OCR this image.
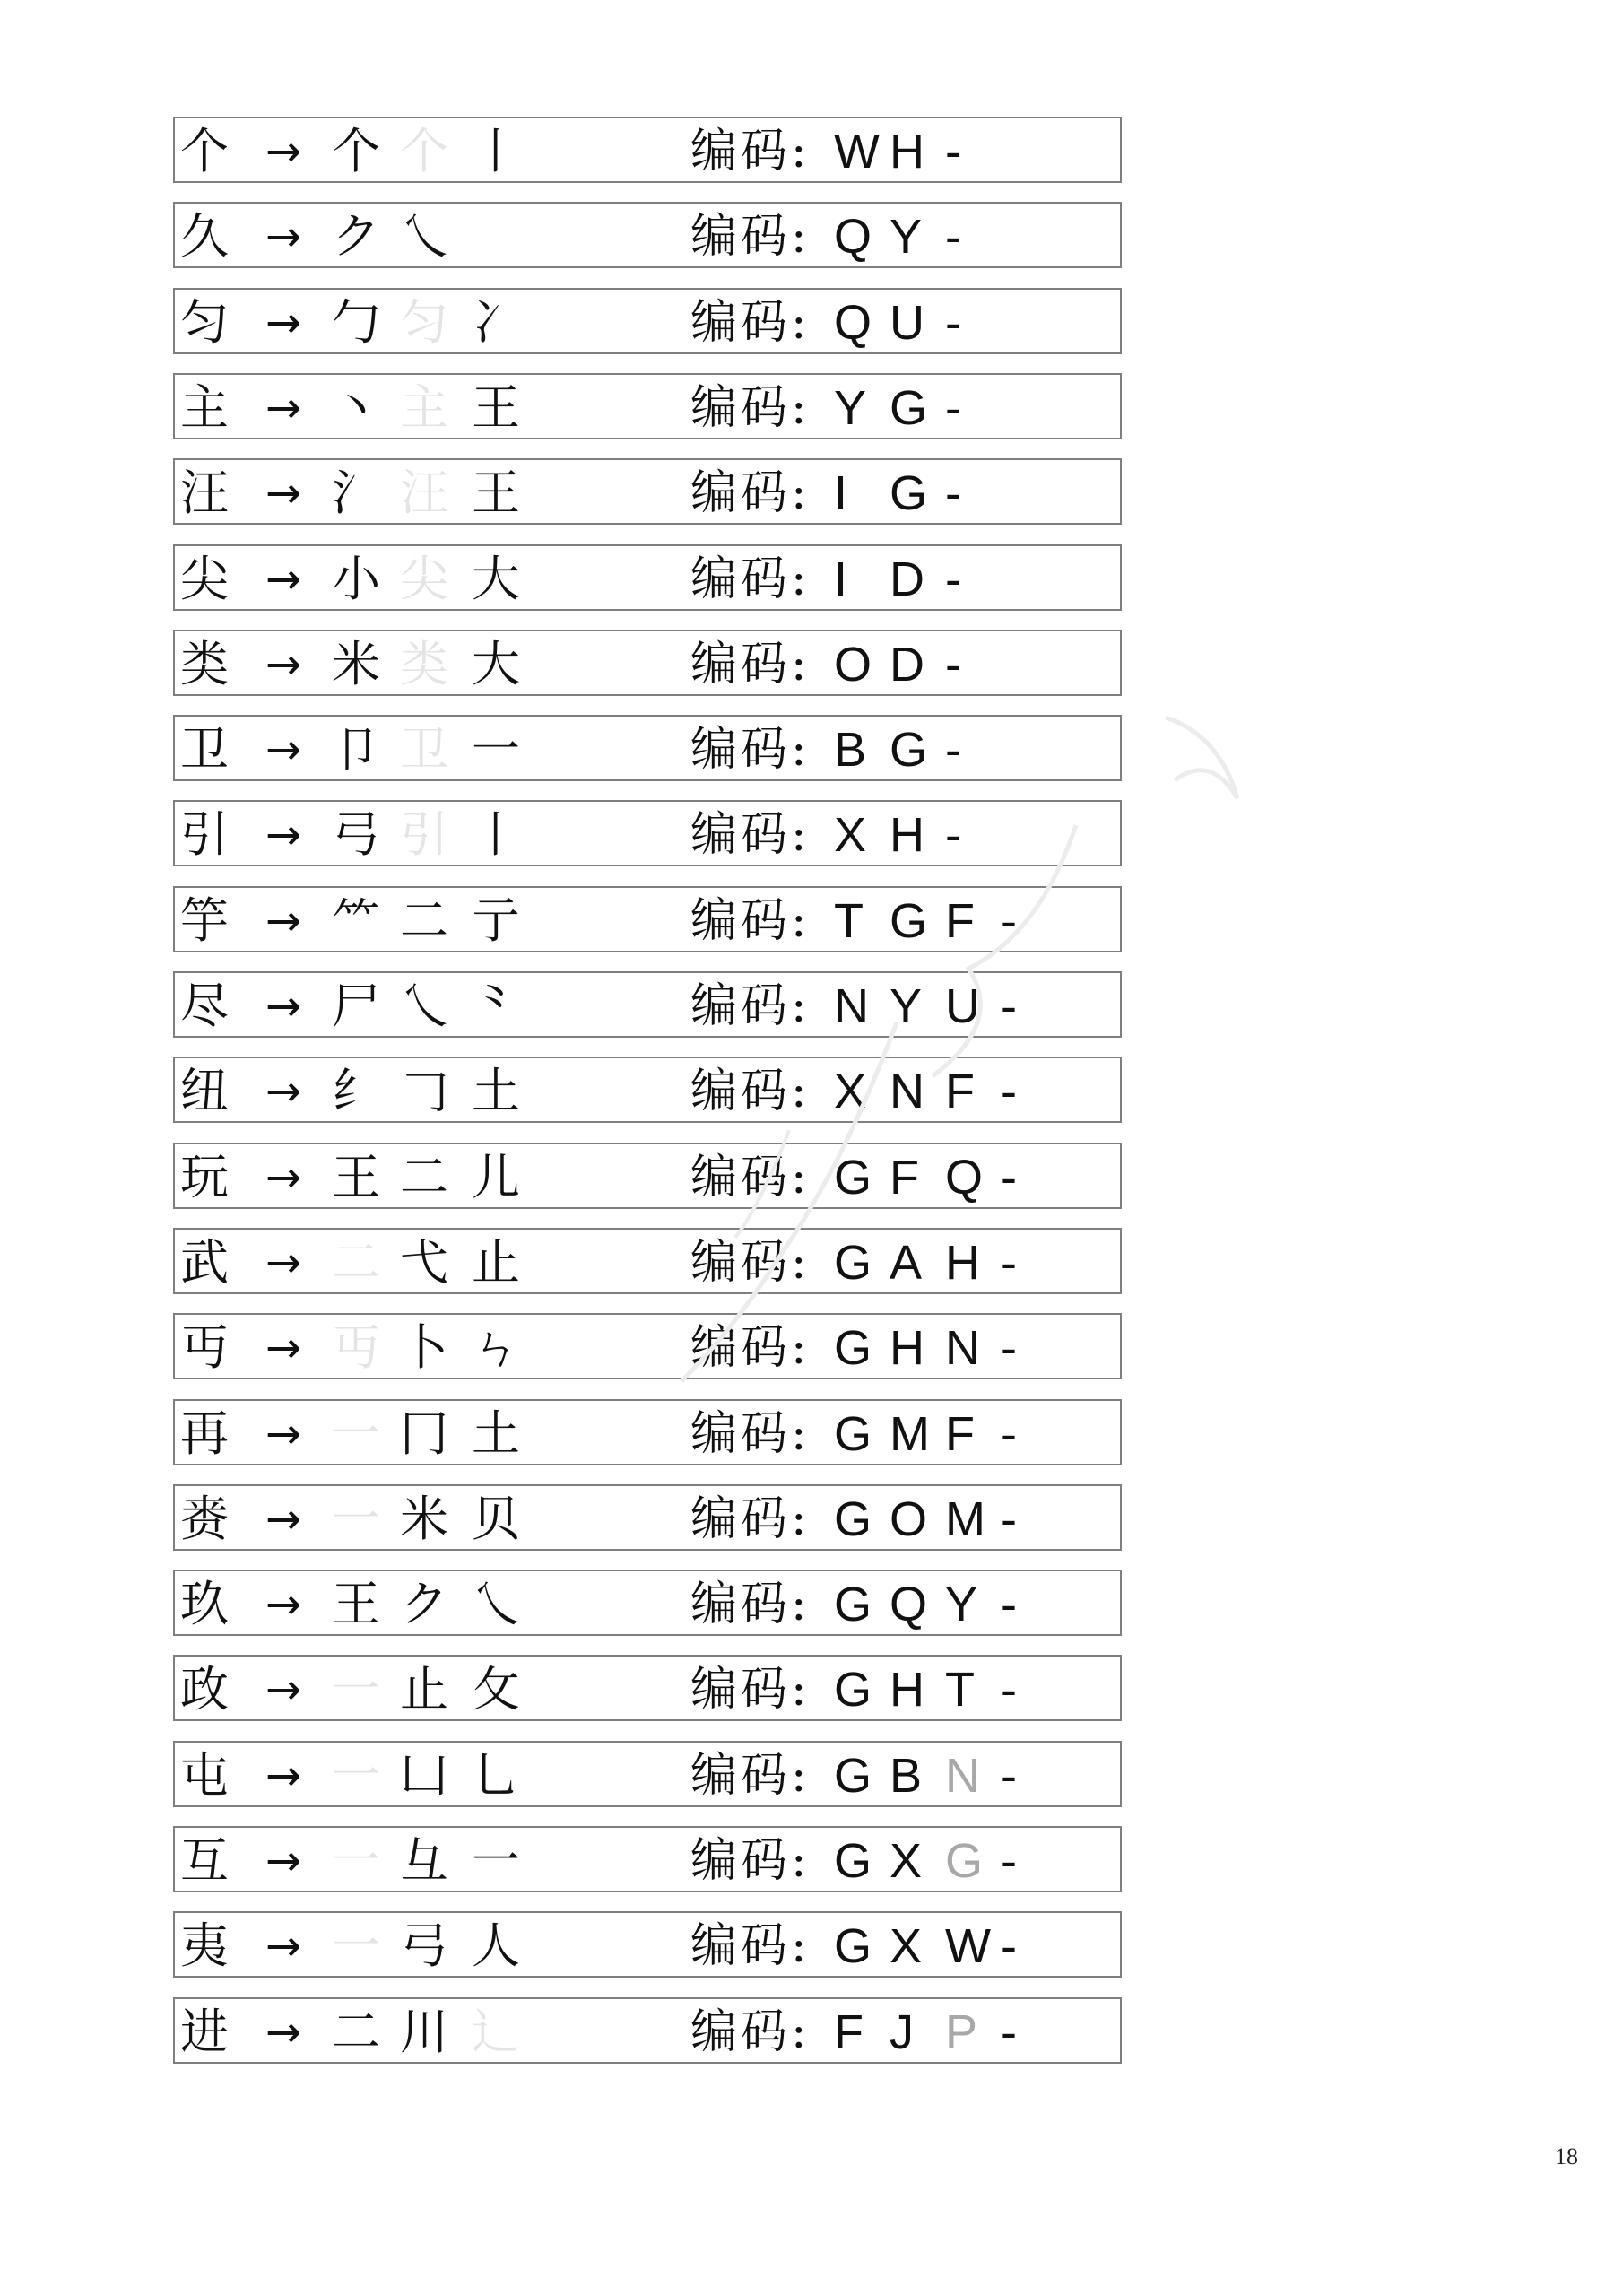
个 → 个 个 丨	编码: W H -
久 → ク 乀	编码: Q Y -
匀 → 勹 匀 冫	编码: Q U -
主 → 丶 主 王	编码: Y G -
汪 → 氵 汪 王	编码: I G -
尖 → 小 尖 大	编码: I D -
类 → 米 类 大	编码: O D -
卫 → 卩 卫 一	编码: B G -
引 → 弓 引 丨	编码: X H -
竽 → ⺮ 二 亍	编码: T G F -
尽 → 尸 乀 ⺀	编码: N Y U -
纽 → 纟 𠃌 土	编码: X N F -
玩 → 王 二 儿	编码: G F Q -
武 → 二 弋 止	编码: G A H -
丏 → 丏 卜 ㄣ	编码: G H N -
再 → 一 冂 土	编码: G M F -
赉 → 一 米 贝	编码: G O M -
玖 → 王 ク 乀	编码: G Q Y -
政 → 一 止 攵	编码: G H T -
屯 → 一 凵 乚	编码: G B N -
互 → 一 彑 一	编码: G X G -
夷 → 一 弓 人	编码: G X W -
进 → 二 川 辶	编码: F J P -
18
